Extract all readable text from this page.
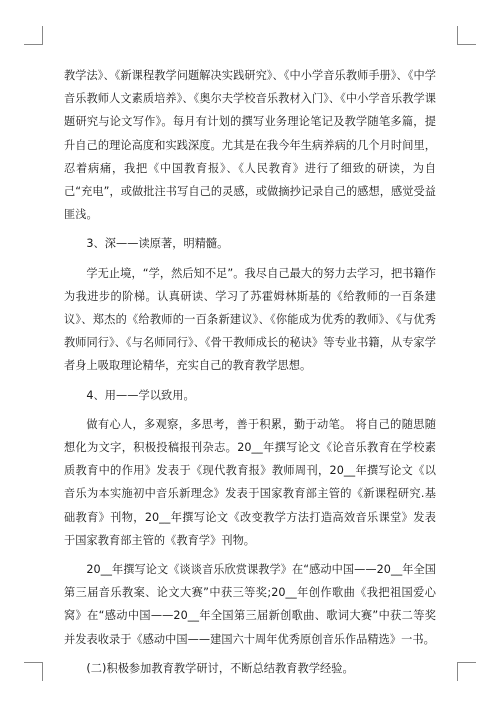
教学法》、《新课程教学问题解决实践研究》、《中小学音乐教师手册》、《中学音乐教师人文素质培养》、《奥尔夫学校音乐教材入门》、《中小学音乐教学课题研究与论文写作》。每月有计划的撰写业务理论笔记及教学随笔多篇，提升自己的理论高度和实践深度。尤其是在我今年生病养病的几个月时间里，忍着病痛，我把《中国教育报》、《人民教育》进行了细致的研读，为自己“充电”，或做批注书写自己的灵感，或做摘抄记录自己的感想，感觉受益匪浅。

3、深——读原著，明精髓。

学无止境，“学，然后知不足”。我尽自己最大的努力去学习，把书籍作为我进步的阶梯。认真研读、学习了苏霍姆林斯基的《给教师的一百条建议》、郑杰的《给教师的一百条新建议》、《你能成为优秀的教师》、《与优秀教师同行》、《与名师同行》、《骨干教师成长的秘诀》等专业书籍，从专家学者身上吸取理论精华，充实自己的教育教学思想。

4、用——学以致用。

做有心人，多观察，多思考，善于积累，勤于动笔。 将自己的随思随想化为文字，积极投稿报刊杂志。20__年撰写论文《论音乐教育在学校素质教育中的作用》发表于《现代教育报》教师周刊，20__年撰写论文《以音乐为本实施初中音乐新理念》发表于国家教育部主管的《新课程研究.基础教育》刊物，20__年撰写论文《改变教学方法打造高效音乐课堂》发表于国家教育部主管的《教育学》刊物。

20__年撰写论文《谈谈音乐欣赏课教学》在“感动中国——20__年全国第三届音乐教案、论文大赛”中获三等奖;20__年创作歌曲《我把祖国爱心窝》在“感动中国——20__年全国第三届新创歌曲、歌词大赛”中获二等奖并发表收录于《感动中国——建国六十周年优秀原创音乐作品精选》一书。

(二)积极参加教育教学研讨，不断总结教育教学经验。
